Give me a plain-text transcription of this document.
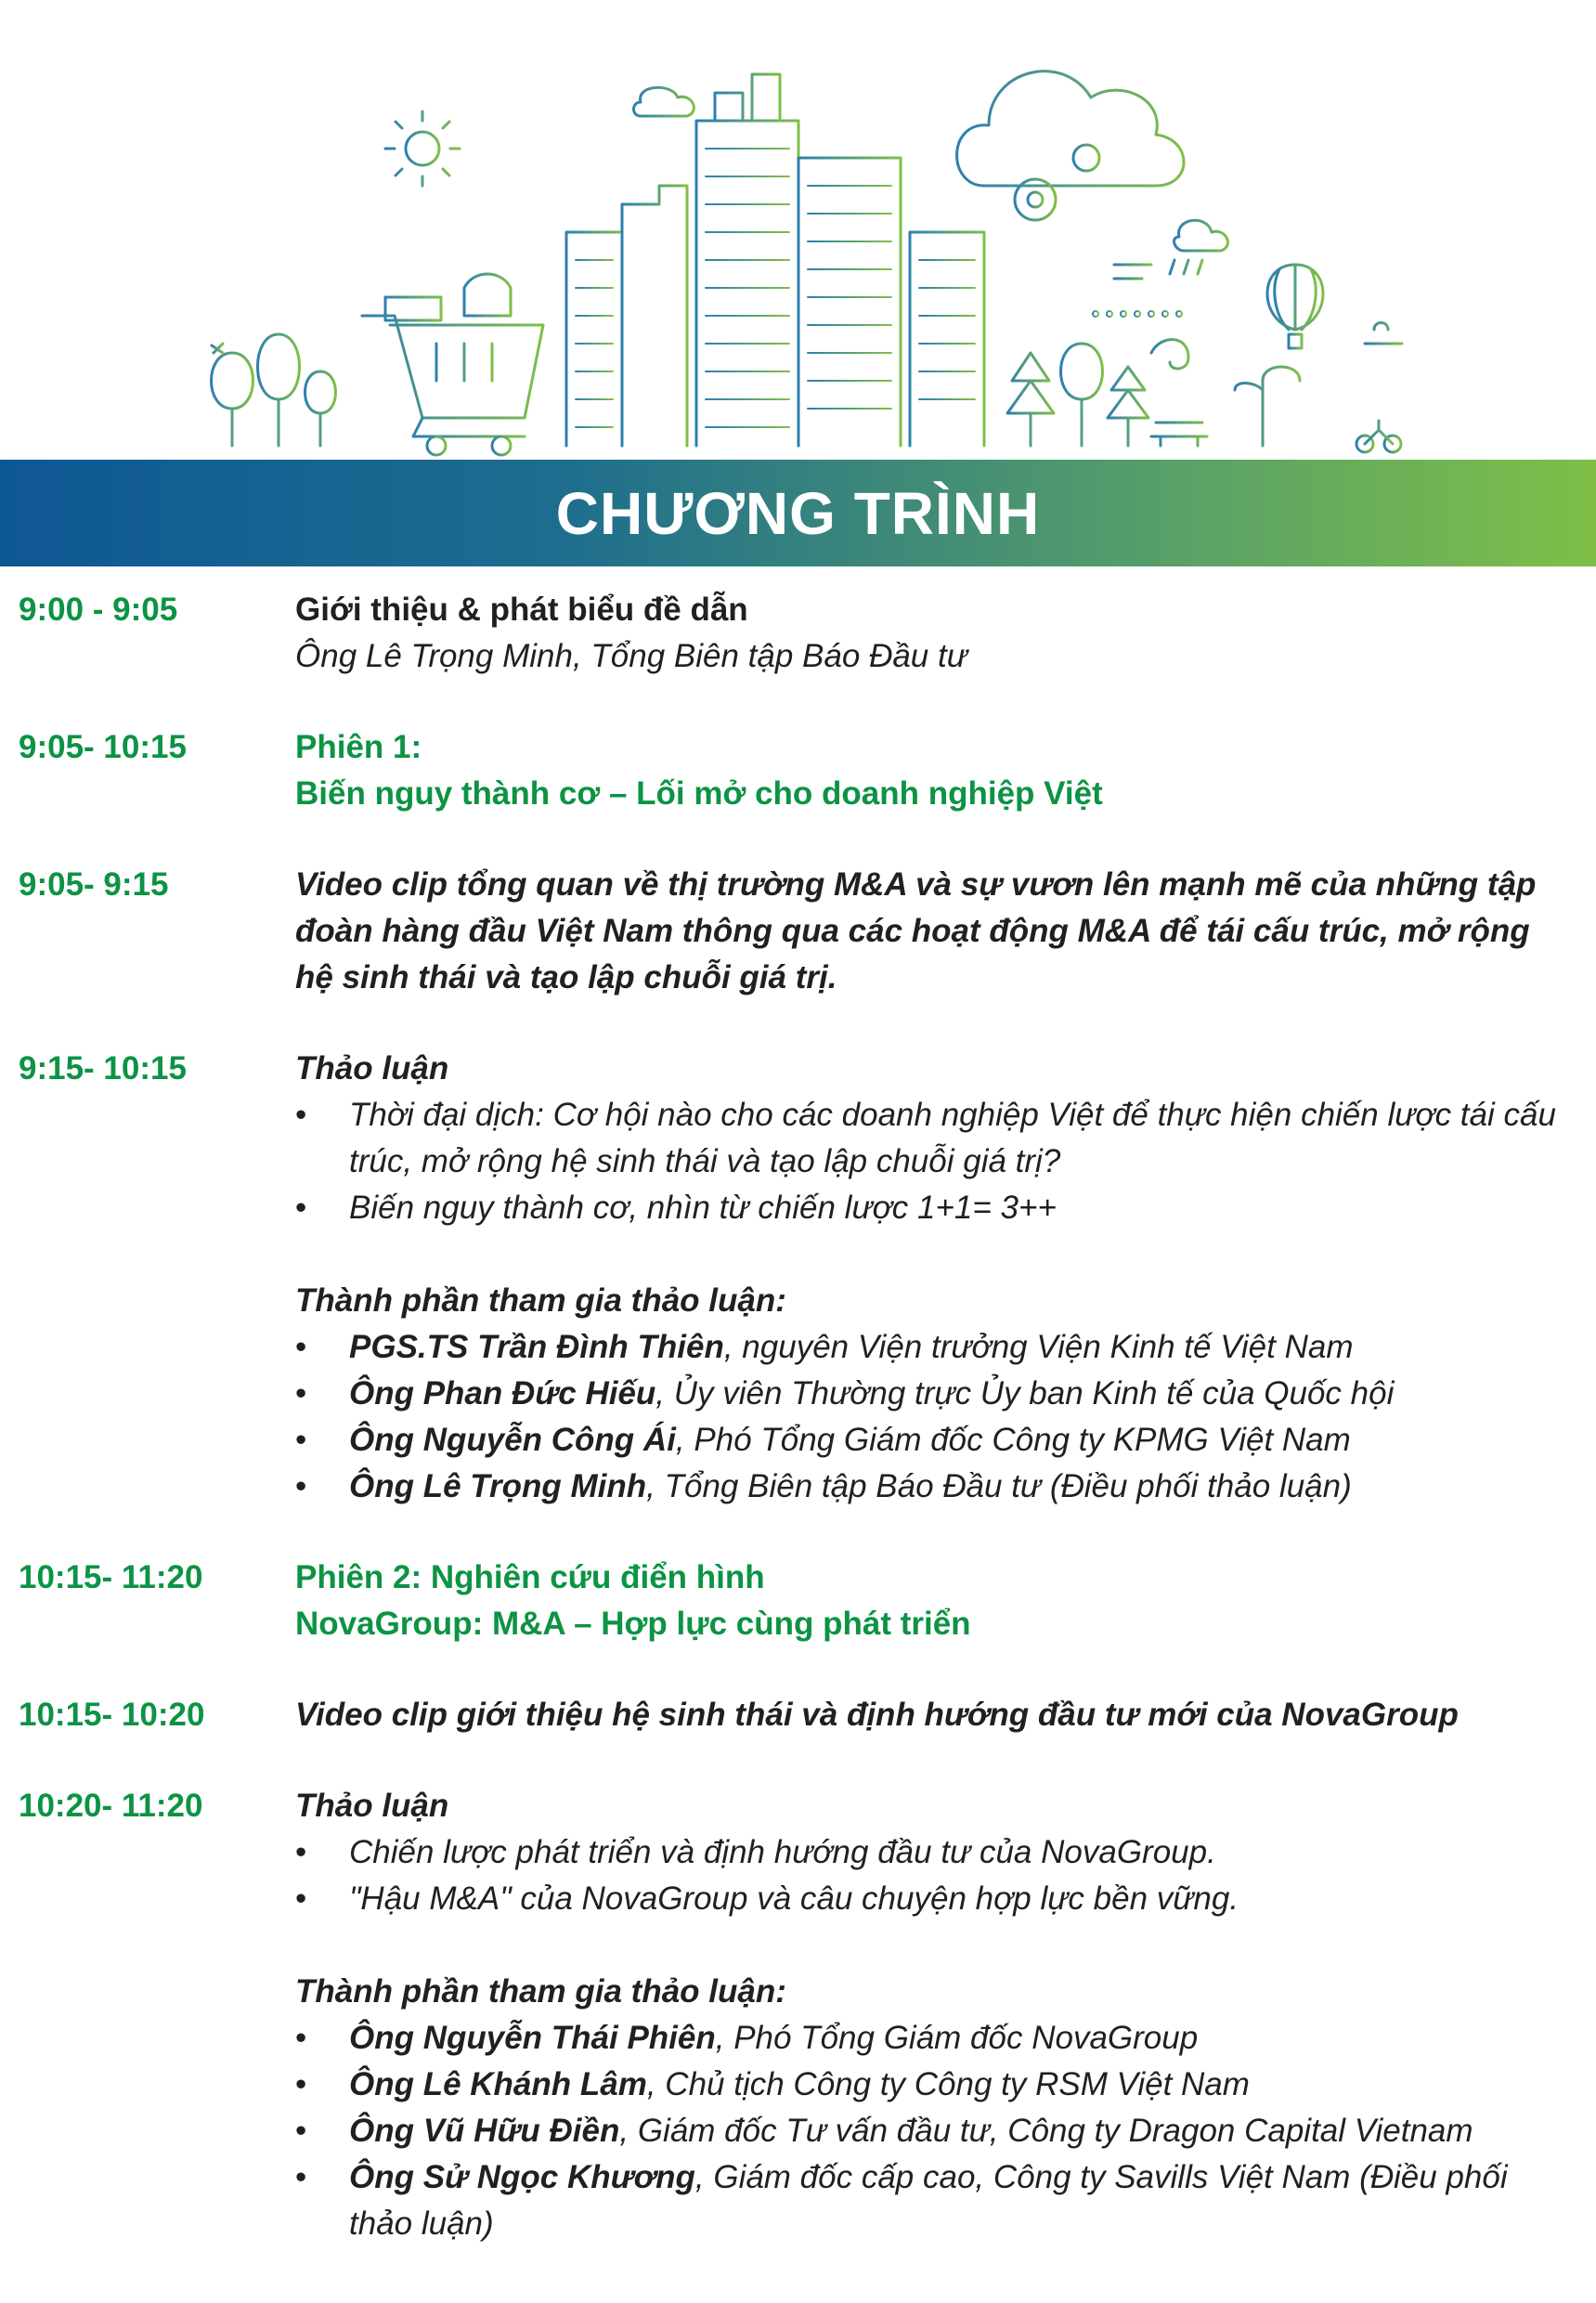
CHƯƠNG TRÌNH
9:00 - 9:05	Giới thiệu & phát biểu đề dẫn
Ông Lê Trọng Minh, Tổng Biên tập Báo Đầu tư
9:05- 10:15	Phiên 1:
Biến nguy thành cơ – Lối mở cho doanh nghiệp Việt
9:05- 9:15	Video clip tổng quan về thị trường M&A và sự vươn lên mạnh mẽ của những tập đoàn hàng đầu Việt Nam thông qua các hoạt động M&A để tái cấu trúc, mở rộng hệ sinh thái và tạo lập chuỗi giá trị.
9:15- 10:15	Thảo luận
• Thời đại dịch: Cơ hội nào cho các doanh nghiệp Việt để thực hiện chiến lược tái cấu trúc, mở rộng hệ sinh thái và tạo lập chuỗi giá trị?
• Biến nguy thành cơ, nhìn từ chiến lược 1+1= 3++
Thành phần tham gia thảo luận:
• PGS.TS Trần Đình Thiên, nguyên Viện trưởng Viện Kinh tế Việt Nam
• Ông Phan Đức Hiếu, Ủy viên Thường trực Ủy ban Kinh tế của Quốc hội
• Ông Nguyễn Công Ái, Phó Tổng Giám đốc Công ty KPMG Việt Nam
• Ông Lê Trọng Minh, Tổng Biên tập Báo Đầu tư (Điều phối thảo luận)
10:15- 11:20	Phiên 2: Nghiên cứu điển hình
NovaGroup: M&A – Hợp lực cùng phát triển
10:15- 10:20	Video clip giới thiệu hệ sinh thái và định hướng đầu tư mới của NovaGroup
10:20- 11:20	Thảo luận
• Chiến lược phát triển và định hướng đầu tư của NovaGroup.
• "Hậu M&A" của NovaGroup và câu chuyện hợp lực bền vững.
Thành phần tham gia thảo luận:
• Ông Nguyễn Thái Phiên, Phó Tổng Giám đốc NovaGroup
• Ông Lê Khánh Lâm, Chủ tịch Công ty Công ty RSM Việt Nam
• Ông Vũ Hữu Điền, Giám đốc Tư vấn đầu tư, Công ty Dragon Capital Vietnam
• Ông Sử Ngọc Khương, Giám đốc cấp cao, Công ty Savills Việt Nam (Điều phối thảo luận)
